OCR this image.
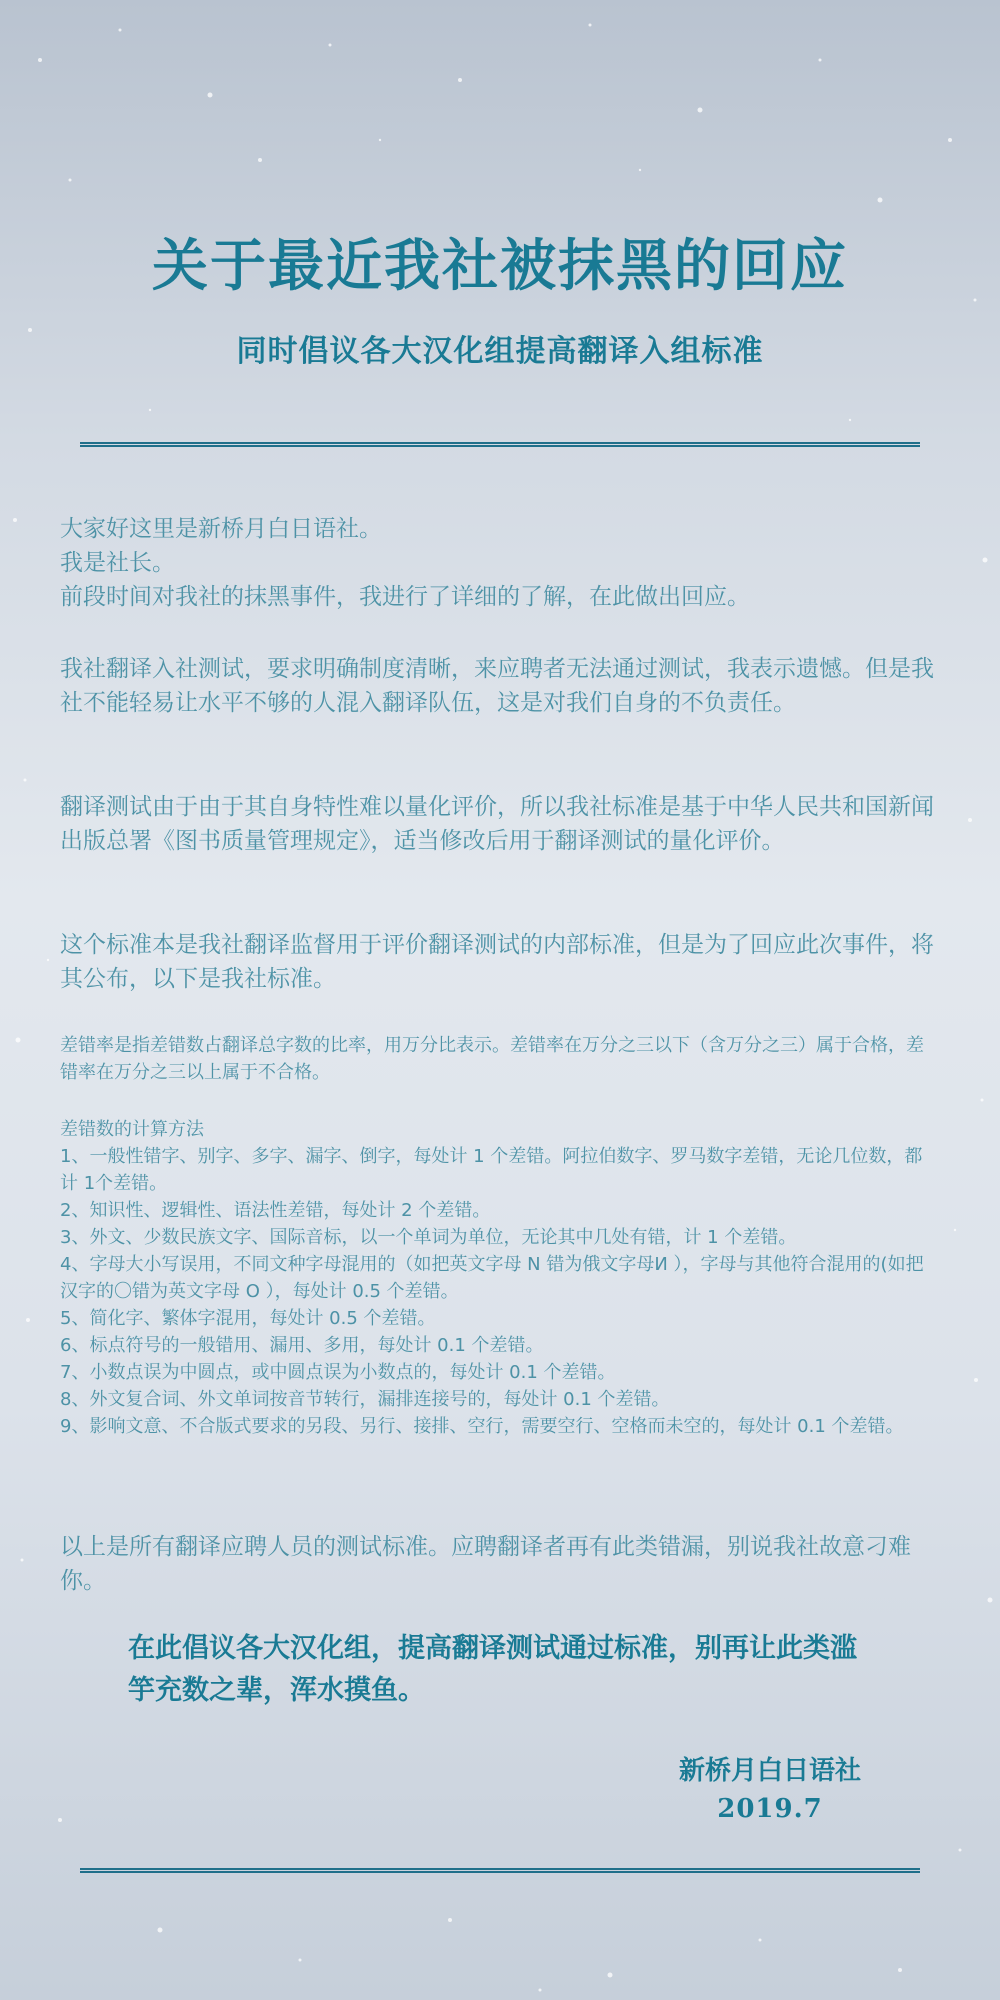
关于最近我社被抹黑的回应
同时倡议各大汉化组提高翻译入组标准

大家好这里是新桥月白日语社。

我是社长。

前段时间对我社的抹黑事件，我进行了详细的了解，在此做出回应。

我社翻译入社测试，要求明确制度清晰，来应聘者无法通过测试，我表示遗憾。但是我社不能轻易让水平不够的人混入翻译队伍，这是对我们自身的不负责任。

翻译测试由于由于其自身特性难以量化评价，所以我社标准是基于中华人民共和国新闻出版总署《图书质量管理规定》，适当修改后用于翻译测试的量化评价。

这个标准本是我社翻译监督用于评价翻译测试的内部标准，但是为了回应此次事件，将其公布，以下是我社标准。

差错率是指差错数占翻译总字数的比率，用万分比表示。差错率在万分之三以下（含万分之三）属于合格，差错率在万分之三以上属于不合格。

差错数的计算方法

1、一般性错字、别字、多字、漏字、倒字，每处计 1 个差错。阿拉伯数字、罗马数字差错，无论几位数，都计 1个差错。

2、知识性、逻辑性、语法性差错，每处计 2 个差错。

3、外文、少数民族文字、国际音标，以一个单词为单位，无论其中几处有错，计 1 个差错。

4、字母大小写误用，不同文种字母混用的（如把英文字母 N 错为俄文字母И ），字母与其他符合混用的(如把汉字的〇错为英文字母 O ），每处计 0.5 个差错。

5、简化字、繁体字混用，每处计 0.5 个差错。

6、标点符号的一般错用、漏用、多用，每处计 0.1 个差错。

7、小数点误为中圆点，或中圆点误为小数点的，每处计 0.1 个差错。

8、外文复合词、外文单词按音节转行，漏排连接号的，每处计 0.1 个差错。

9、影响文意、不合版式要求的另段、另行、接排、空行，需要空行、空格而未空的，每处计 0.1 个差错。

以上是所有翻译应聘人员的测试标准。应聘翻译者再有此类错漏，别说我社故意刁难你。

在此倡议各大汉化组，提高翻译测试通过标准，别再让此类滥竽充数之辈，浑水摸鱼。
新桥月白日语社
2019.7
